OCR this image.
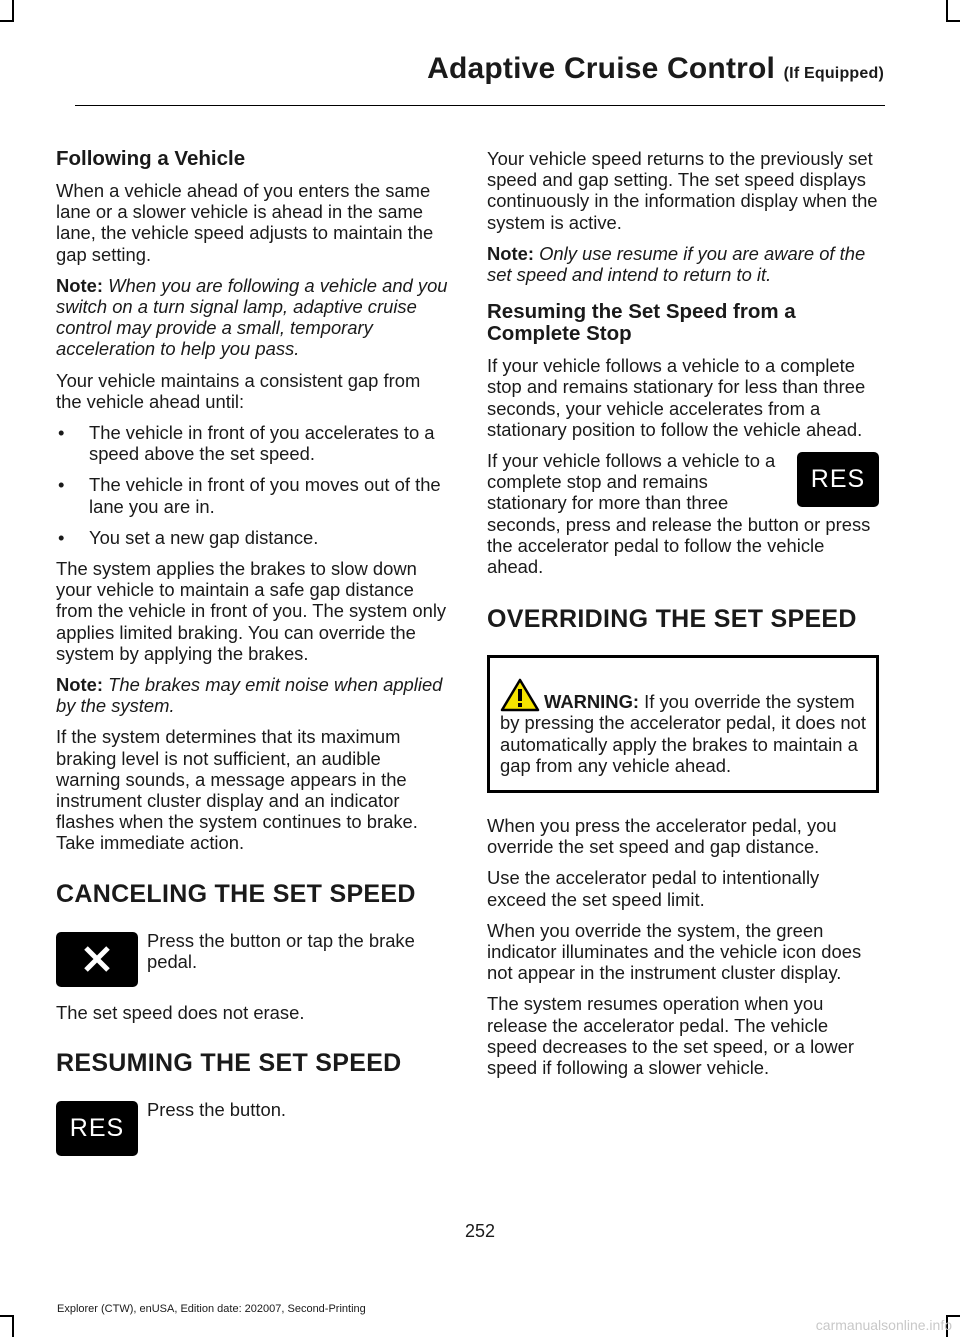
Adaptive Cruise Control (If Equipped)
Following a Vehicle

When a vehicle ahead of you enters the same lane or a slower vehicle is ahead in the same lane, the vehicle speed adjusts to maintain the gap setting.

Note: When you are following a vehicle and you switch on a turn signal lamp, adaptive cruise control may provide a small, temporary acceleration to help you pass.

Your vehicle maintains a consistent gap from the vehicle ahead until:

• The vehicle in front of you accelerates to a speed above the set speed.
• The vehicle in front of you moves out of the lane you are in.
• You set a new gap distance.

The system applies the brakes to slow down your vehicle to maintain a safe gap distance from the vehicle in front of you. The system only applies limited braking. You can override the system by applying the brakes.

Note: The brakes may emit noise when applied by the system.

If the system determines that its maximum braking level is not sufficient, an audible warning sounds, a message appears in the instrument cluster display and an indicator flashes when the system continues to brake. Take immediate action.

CANCELING THE SET SPEED

Press the button or tap the brake pedal.

The set speed does not erase.

RESUMING THE SET SPEED
RES

Press the button.

Your vehicle speed returns to the previously set speed and gap setting. The set speed displays continuously in the information display when the system is active.

Note: Only use resume if you are aware of the set speed and intend to return to it.

Resuming the Set Speed from a Complete Stop

If your vehicle follows a vehicle to a complete stop and remains stationary for less than three seconds, your vehicle accelerates from a stationary position to follow the vehicle ahead.

RES

If your vehicle follows a vehicle to a complete stop and remains stationary for more than three seconds, press and release the button or press the accelerator pedal to follow the vehicle ahead.

OVERRIDING THE SET SPEED
WARNING: If you override the system by pressing the accelerator pedal, it does not automatically apply the brakes to maintain a gap from any vehicle ahead.

When you press the accelerator pedal, you override the set speed and gap distance.

Use the accelerator pedal to intentionally exceed the set speed limit.

When you override the system, the green indicator illuminates and the vehicle icon does not appear in the instrument cluster display.

The system resumes operation when you release the accelerator pedal. The vehicle speed decreases to the set speed, or a lower speed if following a slower vehicle.

252
Explorer (CTW), enUSA, Edition date: 202007, Second-Printing
carmanualsonline.info
